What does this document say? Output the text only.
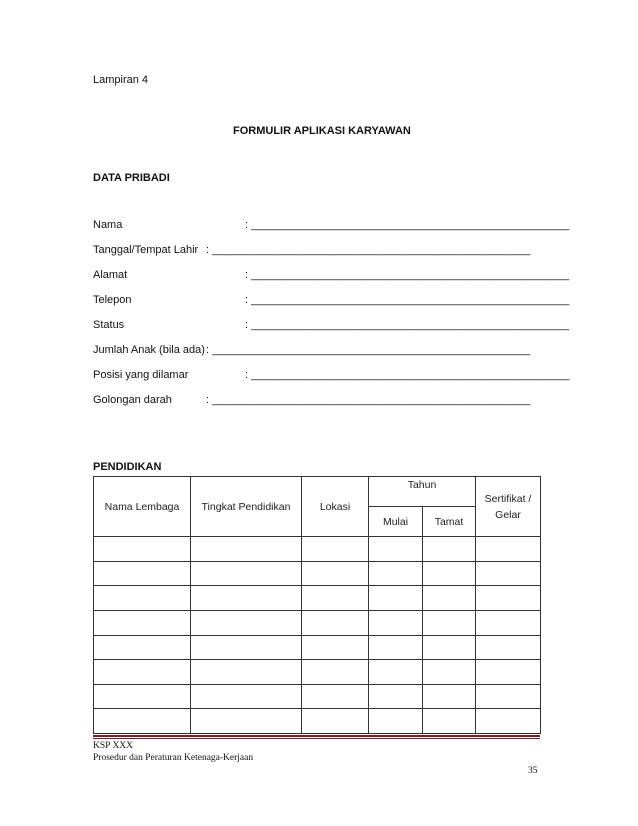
Lampiran 4
FORMULIR APLIKASI KARYAWAN
DATA PRIBADI
Nama	: ____________________________________________________
Tanggal/Tempat Lahir : ____________________________________________________
Alamat	: ____________________________________________________
Telepon	: ____________________________________________________
Status	: ____________________________________________________
Jumlah Anak (bila ada) : ____________________________________________________
Posisi yang dilamar	: ____________________________________________________
Golongan darah	: ____________________________________________________
PENDIDIKAN
Nama Lembaga	Tingkat Pendidikan	Lokasi	Tahun		Sertifikat / Gelar
			Mulai	Tamat	

KSP XXX
Prosedur dan Peraturan Ketenaga-Kerjaan
35
